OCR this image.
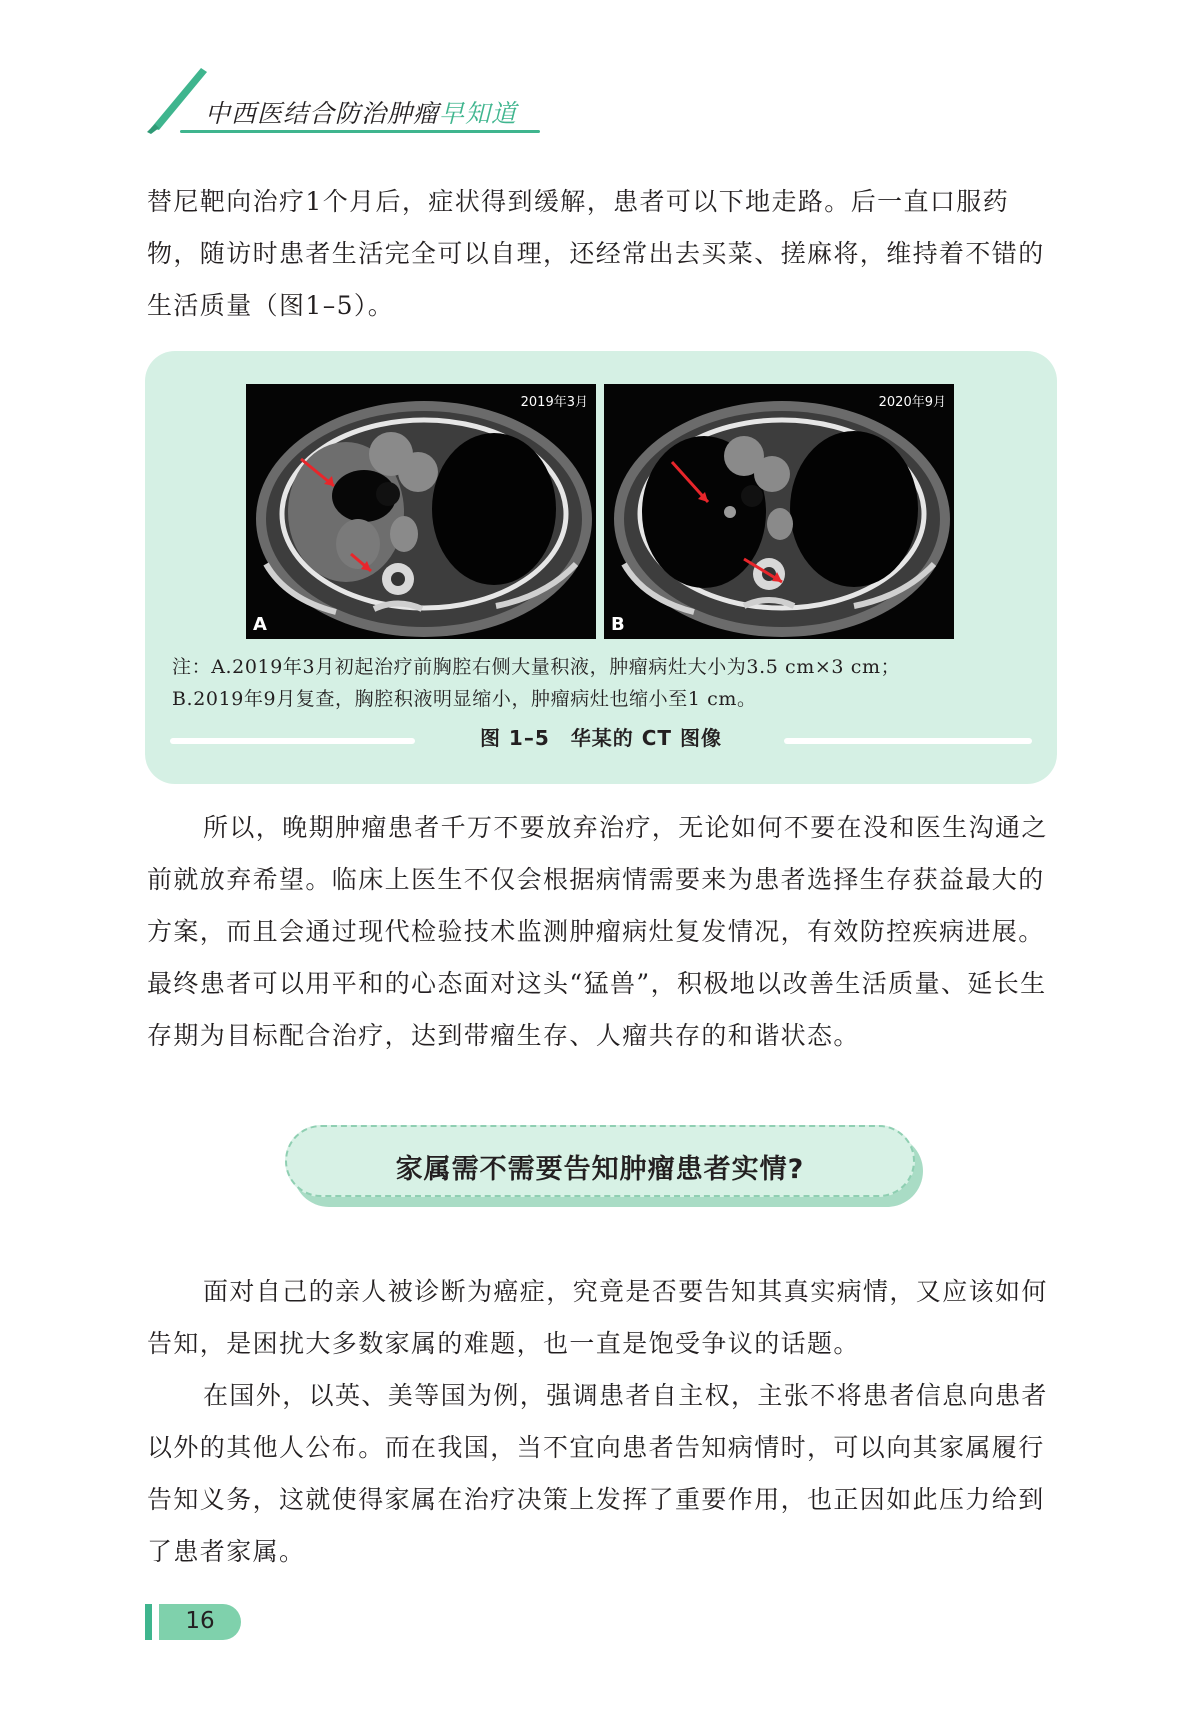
中西医结合防治肿瘤早知道

替尼靶向治疗1个月后，症状得到缓解，患者可以下地走路。后一直口服药物，随访时患者生活完全可以自理，还经常出去买菜、搓麻将，维持着不错的生活质量（图1–5）。

2019年3月
A
2020年9月
B
注：A.2019年3月初起治疗前胸腔右侧大量积液，肿瘤病灶大小为3.5 cm×3 cm；
B.2019年9月复查，胸腔积液明显缩小，肿瘤病灶也缩小至1 cm。
图 1–5　华某的 CT 图像

所以，晚期肿瘤患者千万不要放弃治疗，无论如何不要在没和医生沟通之前就放弃希望。临床上医生不仅会根据病情需要来为患者选择生存获益最大的方案，而且会通过现代检验技术监测肿瘤病灶复发情况，有效防控疾病进展。最终患者可以用平和的心态面对这头“猛兽”，积极地以改善生活质量、延长生存期为目标配合治疗，达到带瘤生存、人瘤共存的和谐状态。

家属需不需要告知肿瘤患者实情?

面对自己的亲人被诊断为癌症，究竟是否要告知其真实病情，又应该如何告知，是困扰大多数家属的难题，也一直是饱受争议的话题。

在国外，以英、美等国为例，强调患者自主权，主张不将患者信息向患者以外的其他人公布。而在我国，当不宜向患者告知病情时，可以向其家属履行告知义务，这就使得家属在治疗决策上发挥了重要作用，也正因如此压力给到了患者家属。

16
